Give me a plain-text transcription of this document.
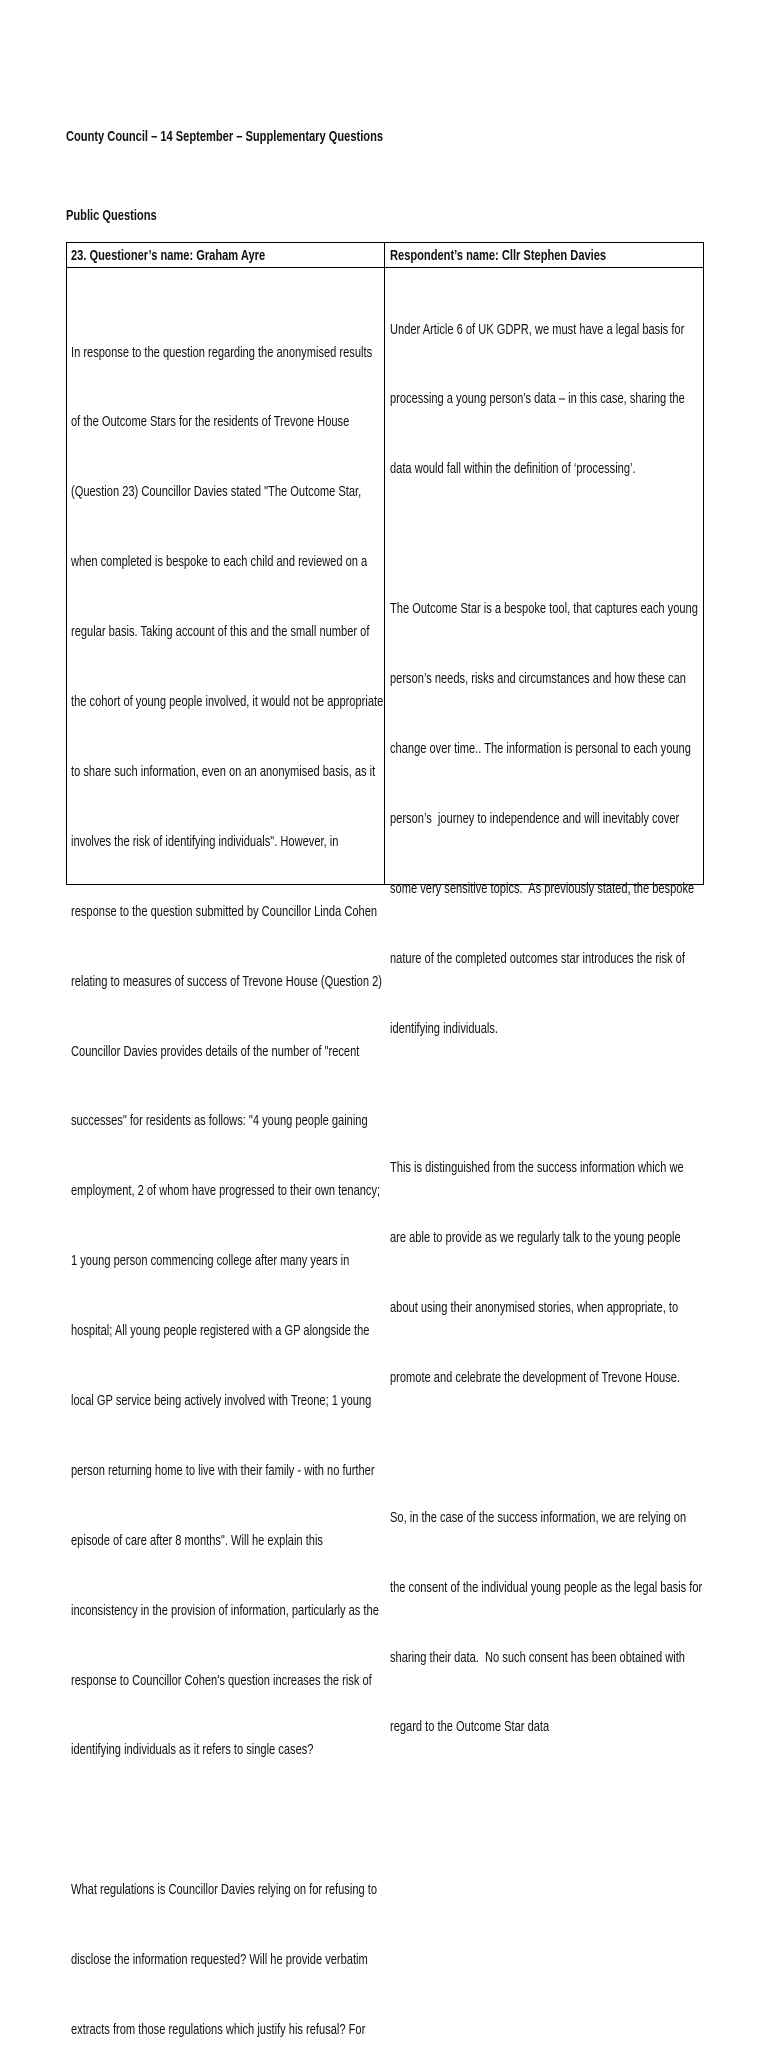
County Council – 14 September – Supplementary Questions
Public Questions
23. Questioner’s name: Graham Ayre	Respondent’s name: Cllr Stephen Davies

In response to the question regarding the anonymised results

of the Outcome Stars for the residents of Trevone House

(Question 23) Councillor Davies stated "The Outcome Star,

when completed is bespoke to each child and reviewed on a

regular basis. Taking account of this and the small number of

the cohort of young people involved, it would not be appropriate

to share such information, even on an anonymised basis, as it

involves the risk of identifying individuals". However, in

response to the question submitted by Councillor Linda Cohen

relating to measures of success of Trevone House (Question 2)

Councillor Davies provides details of the number of "recent

successes" for residents as follows: "4 young people gaining

employment, 2 of whom have progressed to their own tenancy;

1 young person commencing college after many years in

hospital; All young people registered with a GP alongside the

local GP service being actively involved with Treone; 1 young

person returning home to live with their family - with no further

episode of care after 8 months". Will he explain this

inconsistency in the provision of information, particularly as the

response to Councillor Cohen's question increases the risk of

identifying individuals as it refers to single cases?

What regulations is Councillor Davies relying on for refusing to

disclose the information requested? Will he provide verbatim

extracts from those regulations which justify his refusal? For

Under Article 6 of UK GDPR, we must have a legal basis for

processing a young person’s data – in this case, sharing the

data would fall within the definition of ‘processing’.

The Outcome Star is a bespoke tool, that captures each young

person’s needs, risks and circumstances and how these can

change over time.. The information is personal to each young

person’s  journey to independence and will inevitably cover

some very sensitive topics.  As previously stated, the bespoke

nature of the completed outcomes star introduces the risk of

identifying individuals.

This is distinguished from the success information which we

are able to provide as we regularly talk to the young people

about using their anonymised stories, when appropriate, to

promote and celebrate the development of Trevone House.

So, in the case of the success information, we are relying on

the consent of the individual young people as the legal basis for

sharing their data.  No such consent has been obtained with

regard to the Outcome Star data
